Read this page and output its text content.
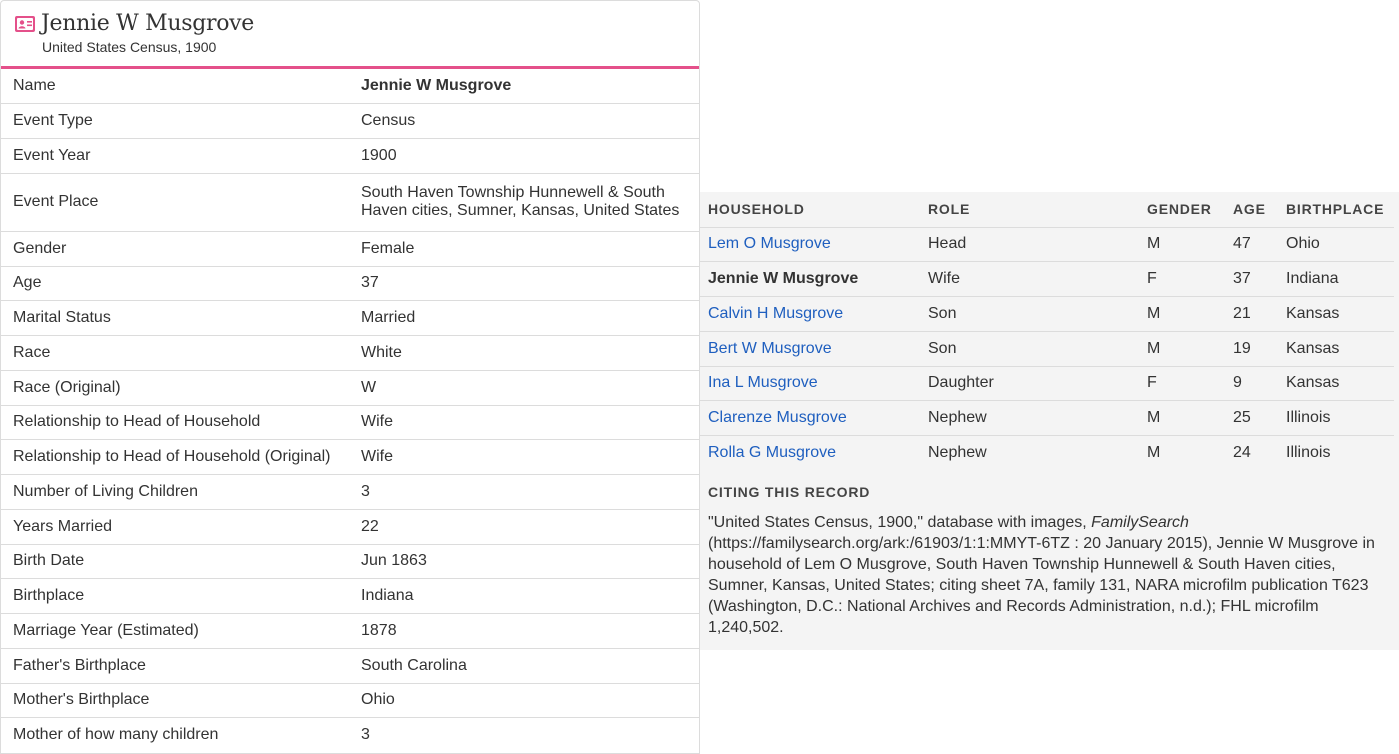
Jennie W Musgrove
United States Census, 1900
Name	Jennie W Musgrove
Event Type	Census
Event Year	1900
Event Place	South Haven Township Hunnewell & South Haven cities, Sumner, Kansas, United States
Gender	Female
Age	37
Marital Status	Married
Race	White
Race (Original)	W
Relationship to Head of Household	Wife
Relationship to Head of Household (Original)	Wife
Number of Living Children	3
Years Married	22
Birth Date	Jun 1863
Birthplace	Indiana
Marriage Year (Estimated)	1878
Father's Birthplace	South Carolina
Mother's Birthplace	Ohio
Mother of how many children	3
HOUSEHOLD	ROLE	GENDER	AGE	BIRTHPLACE
Lem O Musgrove	Head	M	47	Ohio
Jennie W Musgrove	Wife	F	37	Indiana
Calvin H Musgrove	Son	M	21	Kansas
Bert W Musgrove	Son	M	19	Kansas
Ina L Musgrove	Daughter	F	9	Kansas
Clarenze Musgrove	Nephew	M	25	Illinois
Rolla G Musgrove	Nephew	M	24	Illinois
CITING THIS RECORD

"United States Census, 1900," database with images, FamilySearch (https://familysearch.org/ark:/61903/1:1:MMYT-6TZ : 20 January 2015), Jennie W Musgrove in household of Lem O Musgrove, South Haven Township Hunnewell & South Haven cities, Sumner, Kansas, United States; citing sheet 7A, family 131, NARA microfilm publication T623 (Washington, D.C.: National Archives and Records Administration, n.d.); FHL microfilm 1,240,502.
